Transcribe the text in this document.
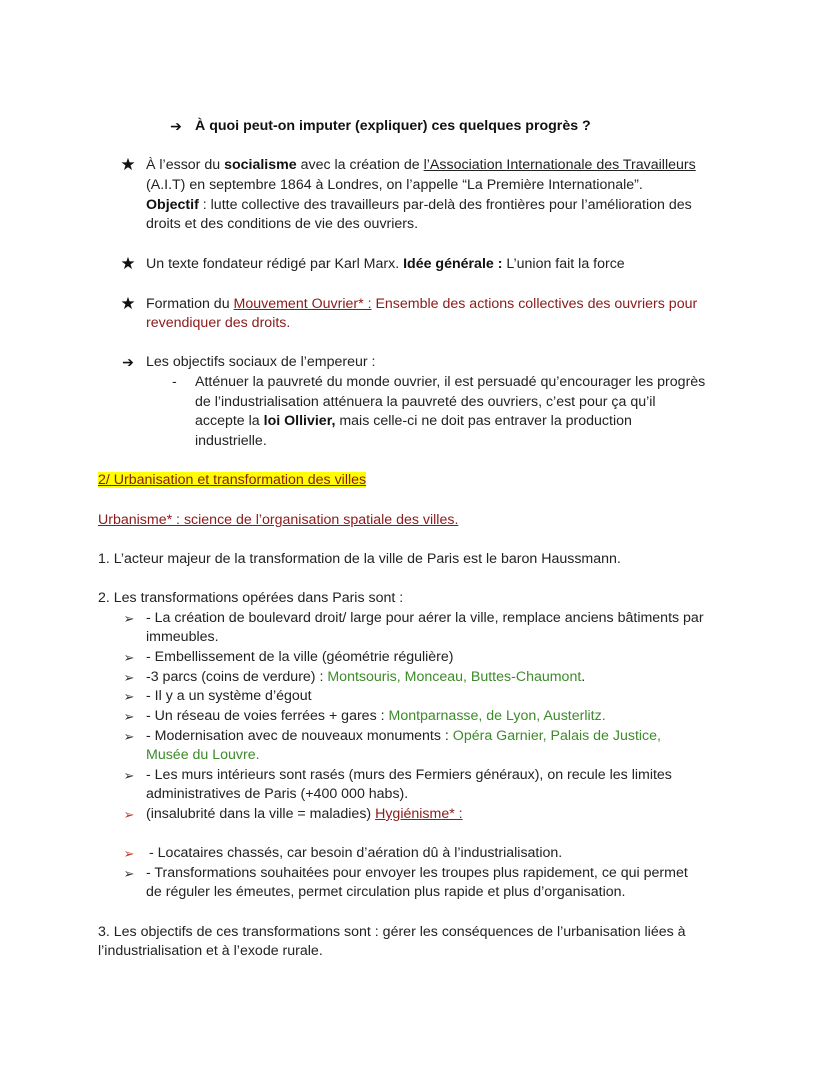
➔ À quoi peut-on imputer (expliquer) ces quelques progrès ?
★ À l’essor du socialisme avec la création de l’Association Internationale des Travailleurs
(A.I.T) en septembre 1864 à Londres, on l’appelle “La Première Internationale”.
Objectif : lutte collective des travailleurs par-delà des frontières pour l’amélioration des
droits et des conditions de vie des ouvriers.
★ Un texte fondateur rédigé par Karl Marx. Idée générale : L’union fait la force
★ Formation du Mouvement Ouvrier* : Ensemble des actions collectives des ouvriers pour
revendiquer des droits.
➔ Les objectifs sociaux de l’empereur :
- Atténuer la pauvreté du monde ouvrier, il est persuadé qu’encourager les progrès
de l’industrialisation atténuera la pauvreté des ouvriers, c’est pour ça qu’il
accepte la loi Ollivier, mais celle-ci ne doit pas entraver la production
industrielle.
2/ Urbanisation et transformation des villes
Urbanisme* : science de l’organisation spatiale des villes.
1. L’acteur majeur de la transformation de la ville de Paris est le baron Haussmann.
2. Les transformations opérées dans Paris sont :
➢ - La création de boulevard droit/ large pour aérer la ville, remplace anciens bâtiments par
immeubles.
➢ - Embellissement de la ville (géométrie régulière)
➢ -3 parcs (coins de verdure) : Montsouris, Monceau, Buttes-Chaumont.
➢ - Il y a un système d’égout
➢ - Un réseau de voies ferrées + gares : Montparnasse, de Lyon, Austerlitz.
➢ - Modernisation avec de nouveaux monuments : Opéra Garnier, Palais de Justice,
Musée du Louvre.
➢ - Les murs intérieurs sont rasés (murs des Fermiers généraux), on recule les limites
administratives de Paris (+400 000 habs).
➢ (insalubrité dans la ville = maladies) Hygiénisme* :
➢	- Locataires chassés, car besoin d’aération dû à l’industrialisation.
➢ - Transformations souhaitées pour envoyer les troupes plus rapidement, ce qui permet
de réguler les émeutes, permet circulation plus rapide et plus d’organisation.
3. Les objectifs de ces transformations sont : gérer les conséquences de l’urbanisation liées à
l’industrialisation et à l’exode rurale.
